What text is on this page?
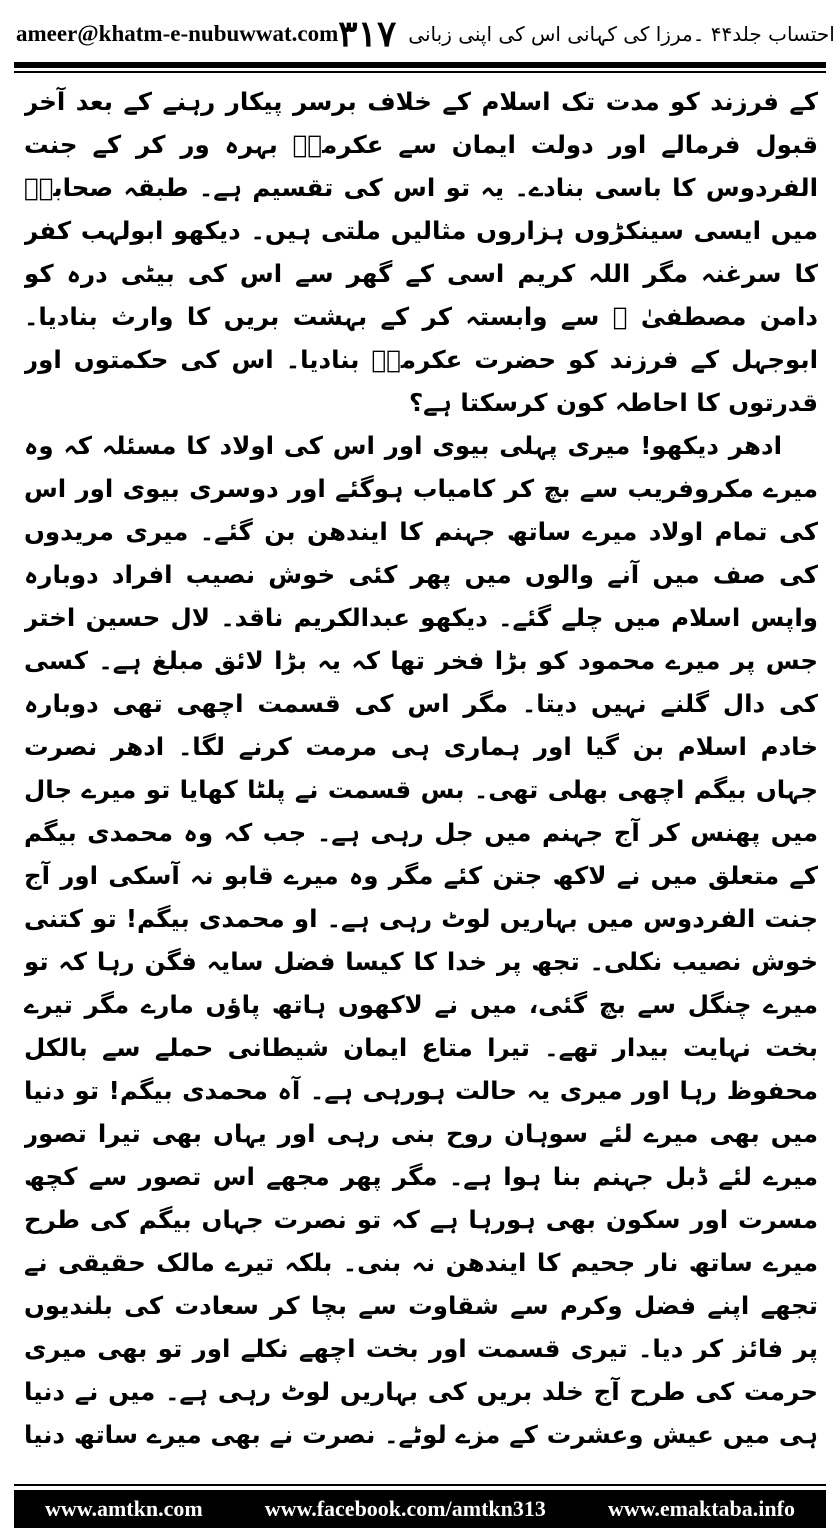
ameer@khatm-e-nubuwwat.com	احتساب جلد۴۴ ۔مرزا کی کہانی اس کی اپنی زبانی
۳۱۷

کے فرزند کو مدت تک اسلام کے خلاف برسر پیکار رہنے کے بعد آخر قبول فرمالے اور دولت ایمان سے عکرمہؓ بہرہ ور کر کے جنت الفردوس کا باسی بنادے۔ یہ تو اس کی تقسیم ہے۔ طبقہ صحابہؓ میں ایسی سینکڑوں ہزاروں مثالیں ملتی ہیں۔ دیکھو ابولہب کفر کا سرغنہ مگر اللہ کریم اسی کے گھر سے اس کی بیٹی درہ کو دامن مصطفیٰ ﷺ سے وابستہ کر کے بہشت بریں کا وارث بنادیا۔ ابوجہل کے فرزند کو حضرت عکرمہؓ بنادیا۔ اس کی حکمتوں اور قدرتوں کا احاطہ کون کرسکتا ہے؟

ادھر دیکھو! میری پہلی بیوی اور اس کی اولاد کا مسئلہ کہ وہ میرے مکروفریب سے بچ کر کامیاب ہوگئے اور دوسری بیوی اور اس کی تمام اولاد میرے ساتھ جہنم کا ایندھن بن گئے۔ میری مریدوں کی صف میں آنے والوں میں پھر کئی خوش نصیب افراد دوبارہ واپس اسلام میں چلے گئے۔ دیکھو عبدالکریم ناقد۔ لال حسین اختر جس پر میرے محمود کو بڑا فخر تھا کہ یہ بڑا لائق مبلغ ہے۔ کسی کی دال گلنے نہیں دیتا۔ مگر اس کی قسمت اچھی تھی دوبارہ خادم اسلام بن گیا اور ہماری ہی مرمت کرنے لگا۔ ادھر نصرت جہاں بیگم اچھی بھلی تھی۔ بس قسمت نے پلٹا کھایا تو میرے جال میں پھنس کر آج جہنم میں جل رہی ہے۔ جب کہ وہ محمدی بیگم کے متعلق میں نے لاکھ جتن کئے مگر وہ میرے قابو نہ آسکی اور آج جنت الفردوس میں بہاریں لوٹ رہی ہے۔ او محمدی بیگم! تو کتنی خوش نصیب نکلی۔ تجھ پر خدا کا کیسا فضل سایہ فگن رہا کہ تو میرے چنگل سے بچ گئی، میں نے لاکھوں ہاتھ پاؤں مارے مگر تیرے بخت نہایت بیدار تھے۔ تیرا متاع ایمان شیطانی حملے سے بالکل محفوظ رہا اور میری یہ حالت ہورہی ہے۔ آہ محمدی بیگم! تو دنیا میں بھی میرے لئے سوہان روح بنی رہی اور یہاں بھی تیرا تصور میرے لئے ڈبل جہنم بنا ہوا ہے۔ مگر پھر مجھے اس تصور سے کچھ مسرت اور سکون بھی ہورہا ہے کہ تو نصرت جہاں بیگم کی طرح میرے ساتھ نار جحیم کا ایندھن نہ بنی۔ بلکہ تیرے مالک حقیقی نے تجھے اپنے فضل وکرم سے شقاوت سے بچا کر سعادت کی بلندیوں پر فائز کر دیا۔ تیری قسمت اور بخت اچھے نکلے اور تو بھی میری حرمت کی طرح آج خلد بریں کی بہاریں لوٹ رہی ہے۔ میں نے دنیا ہی میں عیش وعشرت کے مزے لوٹے۔ نصرت نے بھی میرے ساتھ دنیا

www.amtkn.com	www.facebook.com/amtkn313	www.emaktaba.info
